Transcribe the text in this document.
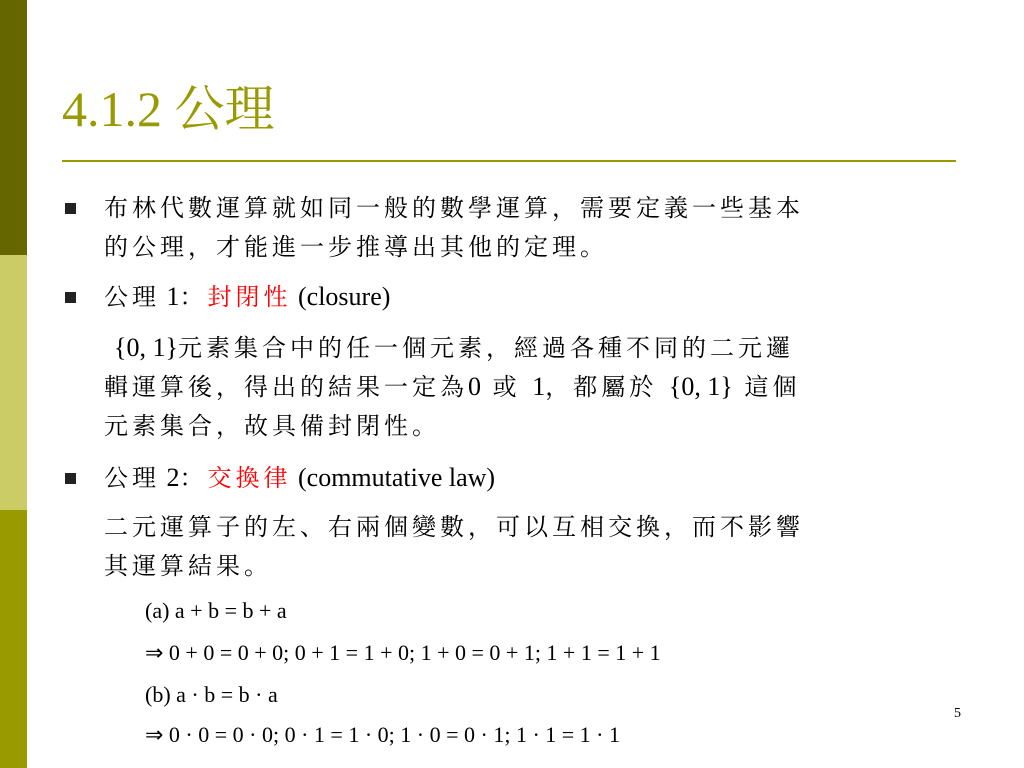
4.1.2 公理
布林代數運算就如同一般的數學運算，需要定義一些基本
的公理，才能進一步推導出其他的定理。
公理 1：封閉性 (closure)
{0, 1}元素集合中的任一個元素，經過各種不同的二元邏
輯運算後，得出的結果一定為0 或 1，都屬於 {0, 1} 這個
元素集合，故具備封閉性。
公理 2：交換律 (commutative law)
二元運算子的左、右兩個變數，可以互相交換，而不影響
其運算結果。
(a) a + b = b + a
⇒ 0 + 0 = 0 + 0; 0 + 1 = 1 + 0; 1 + 0 = 0 + 1; 1 + 1 = 1 + 1
(b) a · b = b · a
⇒ 0 · 0 = 0 · 0; 0 · 1 = 1 · 0; 1 · 0 = 0 · 1; 1 · 1 = 1 · 1
5
